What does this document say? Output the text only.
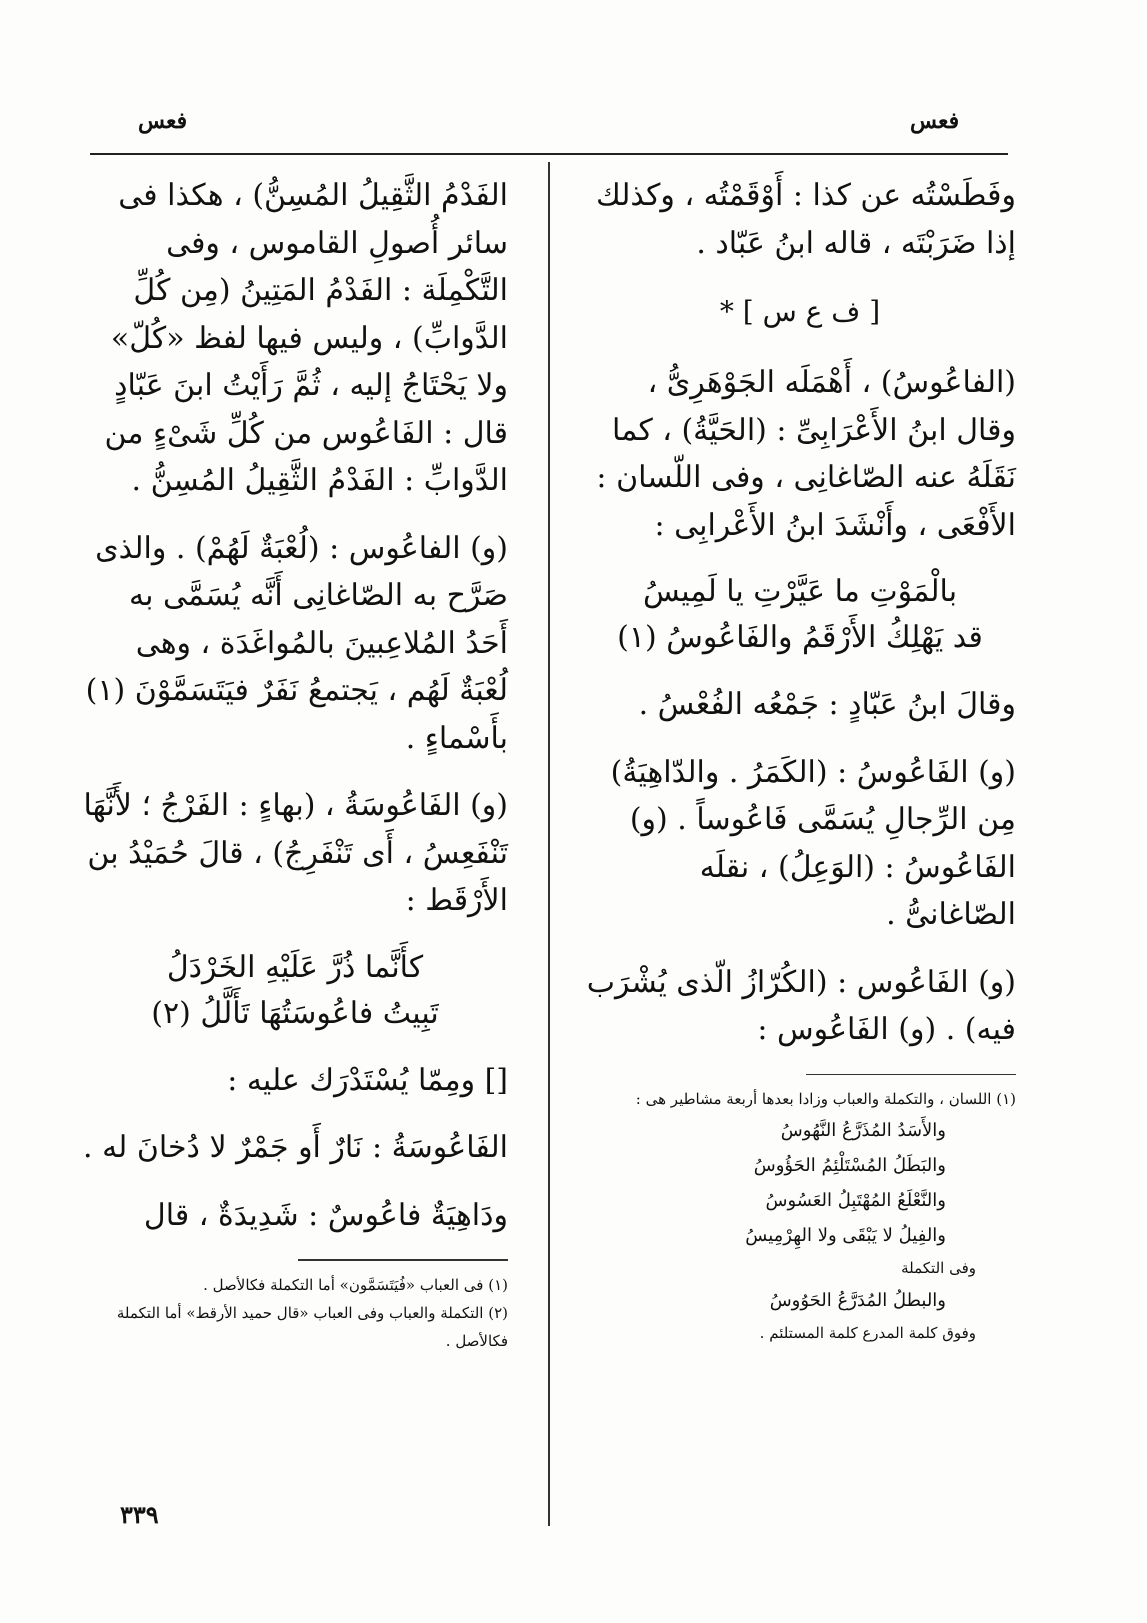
فعس	فعس

وفَطَسْتُه عن كذا : أَوْقَمْتُه ، وكذلك إذا ضَرَبْتَه ، قاله ابنُ عَبّاد .

[ ف ع س ] *

(الفاعُوسُ) ، أَهْمَلَه الجَوْهَرِىُّ ، وقال ابنُ الأَعْرَابِىِّ : (الحَيَّةُ) ، كما نَقَلَهُ عنه الصّاغانِى ، وفى اللّسان : الأَفْعَى ، وأَنْشَدَ ابنُ الأَعْرابِى :

بالْمَوْتِ ما عَيَّرْتِ يا لَمِيسُ
قد يَهْلِكُ الأَرْقَمُ والفَاعُوسُ (١)

وقالَ ابنُ عَبّادٍ : جَمْعُه الفُعْسُ .

(و) الفَاعُوسُ : (الكَمَرُ . والدّاهِيَةُ) مِن الرِّجالِ يُسَمَّى فَاعُوساً . (و) الفَاعُوسُ : (الوَعِلُ) ، نقلَه الصّاغانىُّ .

(و) الفَاعُوس : (الكُرّازُ الّذى يُشْرَب فيه) . (و) الفَاعُوس :

(١) اللسان ، والتكملة والعباب وزادا بعدها أربعة مشاطير هى :

والأَسَدُ المُذَرَّعُ النَّهُوسُ

والبَطَلُ المُسْتَلْئِمُ الحَؤُوسُ

والنَّعْلَعُ المُهْتَبِلُ العَسُوسُ

والفِيلُ لا يَبْقَى ولا الهِرْمِيسُ

وفى التكملة

والبطلُ المُدَرَّعُ الحَوُوسُ

وفوق كلمة المدرع كلمة المستلئم .

الفَدْمُ الثَّقِيلُ المُسِنُّ) ، هكذا فى سائر أُصولِ القاموس ، وفى التَّكْمِلَة : الفَدْمُ المَتِينُ (مِن كُلِّ الدَّوابِّ) ، وليس فيها لفظ «كُلّ» ولا يَحْتَاجُ إليه ، ثُمَّ رَأَيْتُ ابنَ عَبّادٍ قال : الفَاعُوس من كُلِّ شَىْءٍ من الدَّوابِّ : الفَدْمُ الثَّقِيلُ المُسِنُّ .

(و) الفاعُوس : (لُعْبَةٌ لَهُمْ) . والذى صَرَّح به الصّاغانِى أَنَّه يُسَمَّى به أَحَدُ المُلاعِبينَ بالمُواغَدَة ، وهى لُعْبَةٌ لَهُم ، يَجتمعُ نَفَرٌ فيَتَسَمَّوْنَ (١) بأَسْماءٍ .

(و) الفَاعُوسَةُ ، (بهاءٍ : الفَرْجُ ؛ لأَنَّهَا تَنْفَعِسُ ، أَى تَنْفَرِجُ) ، قالَ حُمَيْدُ بن الأَرْقَط :

كأَنَّما ذُرَّ عَلَيْهِ الخَرْدَلُ
تَبِيتُ فاعُوسَتُهَا تَأَلَّلُ (٢)

[] ومِمّا يُسْتَدْرَك عليه :

الفَاعُوسَةُ : نَارٌ أَو جَمْرٌ لا دُخانَ له .

ودَاهِيَةٌ فاعُوسٌ : شَدِيدَةٌ ، قال

(١) فى العباب «فُيَتَسَمَّون» أما التكملة فكالأصل .

(٢) التكملة والعباب وفى العباب «قال حميد الأرقط» أما التكملة فكالأصل .

٣٣٩
